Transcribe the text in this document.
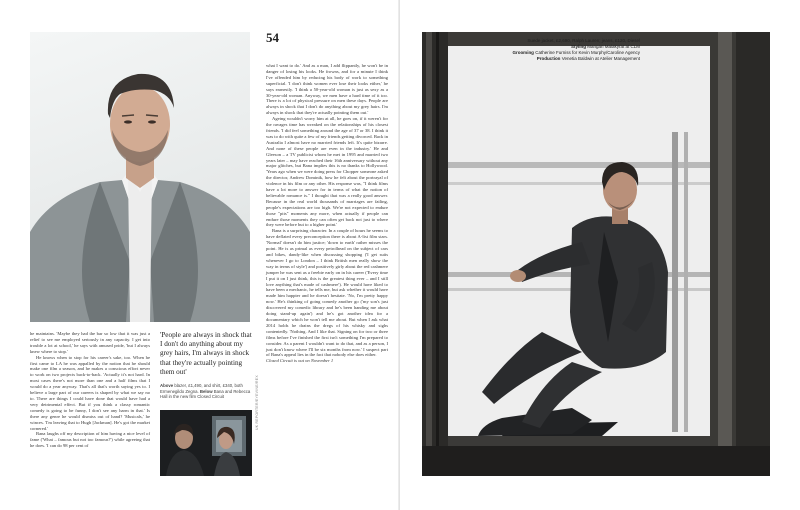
54

he maintains. 'Maybe they had the bar so low that it was just a relief to see me employed seriously in any capacity. I get into trouble a lot at school,' he says with amused pride, 'but I always knew where to stop.'

He knows when to stop for his career's sake, too. When he first came to LA he was appalled by the notion that he should make one film a season, and he makes a conscious effort never to work on two projects back-to-back. 'Actually it's not hard. In most cases there's not more than one and a half films that I would do a year anyway. That's all that's worth saying yes to. I believe a large part of our careers is shaped by what we say no to. There are things I could have done that would have had a very detrimental effect. But if you think a classy romantic comedy is going to be funny, I don't see any harm in that.' Is there any genre he would dismiss out of hand? 'Musicals,' he winces. 'I'm leaving that to Hugh [Jackman]. He's got the market cornered.'

Bana laughs off my description of him having a nice level of fame ('What – famous but not too famous?') while agreeing that he does. 'I can do 98 per cent of

'People are always in shock that I don't do anything about my grey hairs, I'm always in shock that they're actually pointing them out'
Above blazer, £1,490, and shirt, £340, both Ermenegildo Zegna. Below Bana and Rebecca Hall in the new film Closed Circuit	UK REPORTER/EYEVINE/REX

what I want to do.' And as a man, I add flippantly, he won't be in danger of losing his looks. He frowns, and for a minute I think I've offended him by reducing his body of work to something superficial. 'I don't think women ever lose their looks either,' he says earnestly. 'I think a 50-year-old woman is just as sexy as a 30-year-old woman. Anyway, we men have a hard time of it too. There is a lot of physical pressure on men these days. People are always in shock that I don't do anything about my grey hairs. I'm always in shock that they're actually pointing them out.'

Ageing wouldn't worry him at all, he goes on, if it weren't for the ravages time has wreaked on the relationships of his closest friends. 'I did feel something around the age of 37 or 38. I think it was to do with quite a few of my friends getting divorced. Back in Australia I almost have no married friends left. It's quite bizarre. And none of these people are even in the industry.' He and Gleeson – a TV publicist whom he met in 1995 and married two years later – may have reached their 16th anniversary without any major glitches, but Bana implies this is no thanks to Hollywood. 'Years ago when we were doing press for Chopper someone asked the director, Andrew Dominik, how he felt about the portrayal of violence in his film or any other. His response was, "I think films have a lot more to answer for in terms of what the notion of believable romance is." I thought that was a really good answer. Because in the real world thousands of marriages are failing, people's expectations are too high. We're not expected to endure those "pits" moments any more, when actually if people can endure those moments they can often get back not just to where they were before but to a higher point.'

Bana is a surprising character. In a couple of hours he seems to have deflated every preconception there is about A-list film stars. 'Normal' doesn't do him justice; 'down to earth' rather misses the point. He is as primal as every petrolhead on the subject of cars and bikes, dandy-like when discussing shopping ('I get suits whenever I go to London – I think British men really show the way in terms of style') and positively girly about the red cashmere jumper he was sent as a freebie early on in his career ('Every time I put it on I just think, this is the greatest thing ever – and I still love anything that's made of cashmere'). He would have liked to have been a mechanic, he tells me, but ask whether it would have made him happier and he doesn't hesitate. 'No, I'm pretty happy now.' He's thinking of going comedy another go ('my son's just discovered my comedic library and he's been handing me about doing stand-up again') and he's got another idea for a documentary which he won't tell me about. But when I ask what 2014 holds he drains the dregs of his whisky and sighs contentedly. 'Nothing. And I like that. Signing on for two or three films before I've finished the first isn't something I'm prepared to consider. As a parent I wouldn't want to do that, and as a person, I just don't know where I'll be six months from now.' I suspect part of Bana's appeal lies in the fact that nobody else does either.

Closed Circuit is out on November 1

Suede jacket, £2,690, Ralph Lauren; jeans, £120, Diesel
Styling Mangan Malakyrat at CLM
Grooming Catherine Furniss for Kevin Murphy/Caroline Agency
Production Venetia Baldwin at Atelier Management
